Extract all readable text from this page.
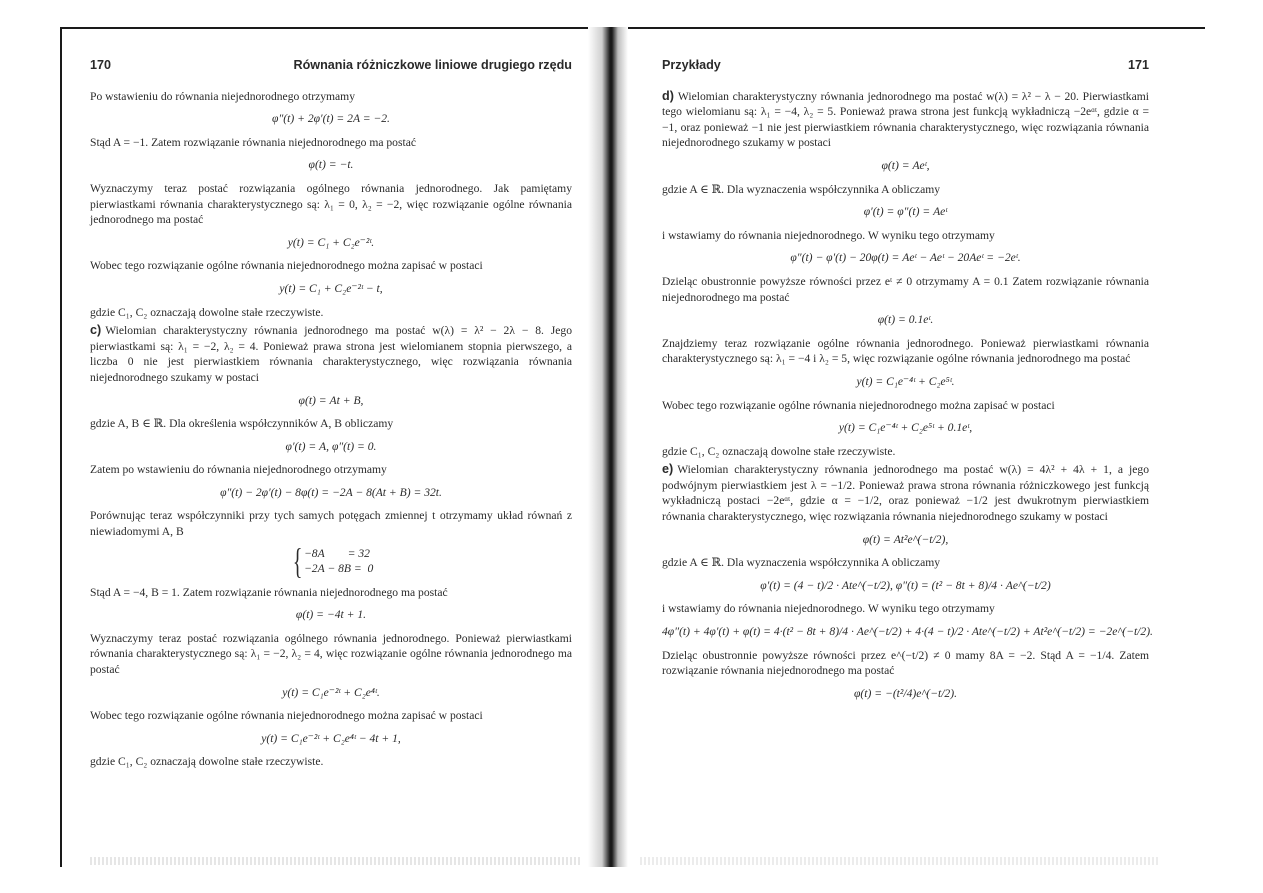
170	Równania różniczkowe liniowe drugiego rzędu

Po wstawieniu do równania niejednorodnego otrzymamy

φ″(t) + 2φ′(t) = 2A = −2.

Stąd A = −1. Zatem rozwiązanie równania niejednorodnego ma postać

φ(t) = −t.

Wyznaczymy teraz postać rozwiązania ogólnego równania jednorodnego. Jak pamiętamy pierwiastkami równania charakterystycznego są: λ₁ = 0, λ₂ = −2, więc rozwiązanie ogólne równania jednorodnego ma postać

y(t) = C₁ + C₂e⁻²ᵗ.

Wobec tego rozwiązanie ogólne równania niejednorodnego można zapisać w postaci

y(t) = C₁ + C₂e⁻²ᵗ − t,

gdzie C₁, C₂ oznaczają dowolne stałe rzeczywiste.

c) Wielomian charakterystyczny równania jednorodnego ma postać w(λ) = λ² − 2λ − 8. Jego pierwiastkami są: λ₁ = −2, λ₂ = 4. Ponieważ prawa strona jest wielomianem stopnia pierwszego, a liczba 0 nie jest pierwiastkiem równania charakterystycznego, więc rozwiązania równania niejednorodnego szukamy w postaci

φ(t) = At + B,

gdzie A, B ∈ ℝ. Dla określenia współczynników A, B obliczamy

φ′(t) = A, φ″(t) = 0.

Zatem po wstawieniu do równania niejednorodnego otrzymamy

φ″(t) − 2φ′(t) − 8φ(t) = −2A − 8(At + B) = 32t.

Porównując teraz współczynniki przy tych samych potęgach zmiennej t otrzymamy układ równań z niewiadomymi A, B

{ −8A        = 32
−2A − 8B =  0

Stąd A = −4, B = 1. Zatem rozwiązanie równania niejednorodnego ma postać

φ(t) = −4t + 1.

Wyznaczymy teraz postać rozwiązania ogólnego równania jednorodnego. Ponieważ pierwiastkami równania charakterystycznego są: λ₁ = −2, λ₂ = 4, więc rozwiązanie ogólne równania jednorodnego ma postać

y(t) = C₁e⁻²ᵗ + C₂e⁴ᵗ.

Wobec tego rozwiązanie ogólne równania niejednorodnego można zapisać w postaci

y(t) = C₁e⁻²ᵗ + C₂e⁴ᵗ − 4t + 1,

gdzie C₁, C₂ oznaczają dowolne stałe rzeczywiste.

Przykłady	171

d) Wielomian charakterystyczny równania jednorodnego ma postać w(λ) = λ² − λ − 20. Pierwiastkami tego wielomianu są: λ₁ = −4, λ₂ = 5. Ponieważ prawa strona jest funkcją wykładniczą −2eᵅᵗ, gdzie α = −1, oraz ponieważ −1 nie jest pierwiastkiem równania charakterystycznego, więc rozwiązania równania niejednorodnego szukamy w postaci

φ(t) = Aeᵗ,

gdzie A ∈ ℝ. Dla wyznaczenia współczynnika A obliczamy

φ′(t) = φ″(t) = Aeᵗ

i wstawiamy do równania niejednorodnego. W wyniku tego otrzymamy

φ″(t) − φ′(t) − 20φ(t) = Aeᵗ − Aeᵗ − 20Aeᵗ = −2eᵗ.

Dzieląc obustronnie powyższe równości przez eᵗ ≠ 0 otrzymamy A = 0.1 Zatem rozwiązanie równania niejednorodnego ma postać

φ(t) = 0.1eᵗ.

Znajdziemy teraz rozwiązanie ogólne równania jednorodnego. Ponieważ pierwiastkami równania charakterystycznego są: λ₁ = −4 i λ₂ = 5, więc rozwiązanie ogólne równania jednorodnego ma postać

y(t) = C₁e⁻⁴ᵗ + C₂e⁵ᵗ.

Wobec tego rozwiązanie ogólne równania niejednorodnego można zapisać w postaci

y(t) = C₁e⁻⁴ᵗ + C₂e⁵ᵗ + 0.1eᵗ,

gdzie C₁, C₂ oznaczają dowolne stałe rzeczywiste.

e) Wielomian charakterystyczny równania jednorodnego ma postać w(λ) = 4λ² + 4λ + 1, a jego podwójnym pierwiastkiem jest λ = −1/2. Ponieważ prawa strona równania różniczkowego jest funkcją wykładniczą postaci −2eᵅᵗ, gdzie α = −1/2, oraz ponieważ −1/2 jest dwukrotnym pierwiastkiem równania charakterystycznego, więc rozwiązania równania niejednorodnego szukamy w postaci

φ(t) = At²e^(−t/2),

gdzie A ∈ ℝ. Dla wyznaczenia współczynnika A obliczamy

φ′(t) = (4 − t)/2 · Ate^(−t/2), φ″(t) = (t² − 8t + 8)/4 · Ae^(−t/2)

i wstawiamy do równania niejednorodnego. W wyniku tego otrzymamy

4φ″(t) + 4φ′(t) + φ(t) = 4·(t² − 8t + 8)/4 · Ae^(−t/2) + 4·(4 − t)/2 · Ate^(−t/2) + At²e^(−t/2) = −2e^(−t/2).

Dzieląc obustronnie powyższe równości przez e^(−t/2) ≠ 0 mamy 8A = −2. Stąd A = −1/4. Zatem rozwiązanie równania niejednorodnego ma postać

φ(t) = −(t²/4)e^(−t/2).
